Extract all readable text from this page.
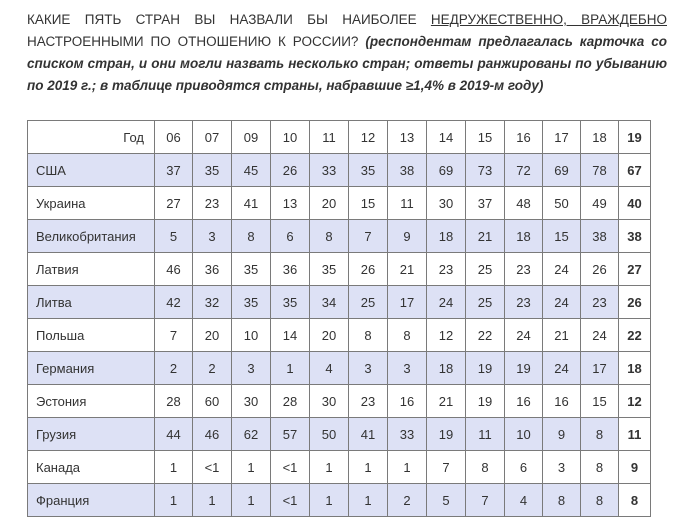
КАКИЕ ПЯТЬ СТРАН ВЫ НАЗВАЛИ БЫ НАИБОЛЕЕ НЕДРУЖЕСТВЕННО, ВРАЖДЕБНО НАСТРОЕННЫМИ ПО ОТНОШЕНИЮ К РОССИИ? (респондентам предлагалась карточка со списком стран, и они могли назвать несколько стран; ответы ранжированы по убыванию по 2019 г.; в таблице приводятся страны, набравшие ≥1,4% в 2019-м году)
Год	06	07	09	10	11	12	13	14	15	16	17	18	19
США	37	35	45	26	33	35	38	69	73	72	69	78	67
Украина	27	23	41	13	20	15	11	30	37	48	50	49	40
Великобритания	5	3	8	6	8	7	9	18	21	18	15	38	38
Латвия	46	36	35	36	35	26	21	23	25	23	24	26	27
Литва	42	32	35	35	34	25	17	24	25	23	24	23	26
Польша	7	20	10	14	20	8	8	12	22	24	21	24	22
Германия	2	2	3	1	4	3	3	18	19	19	24	17	18
Эстония	28	60	30	28	30	23	16	21	19	16	16	15	12
Грузия	44	46	62	57	50	41	33	19	11	10	9	8	11
Канада	1	<1	1	<1	1	1	1	7	8	6	3	8	9
Франция	1	1	1	<1	1	1	2	5	7	4	8	8	8
